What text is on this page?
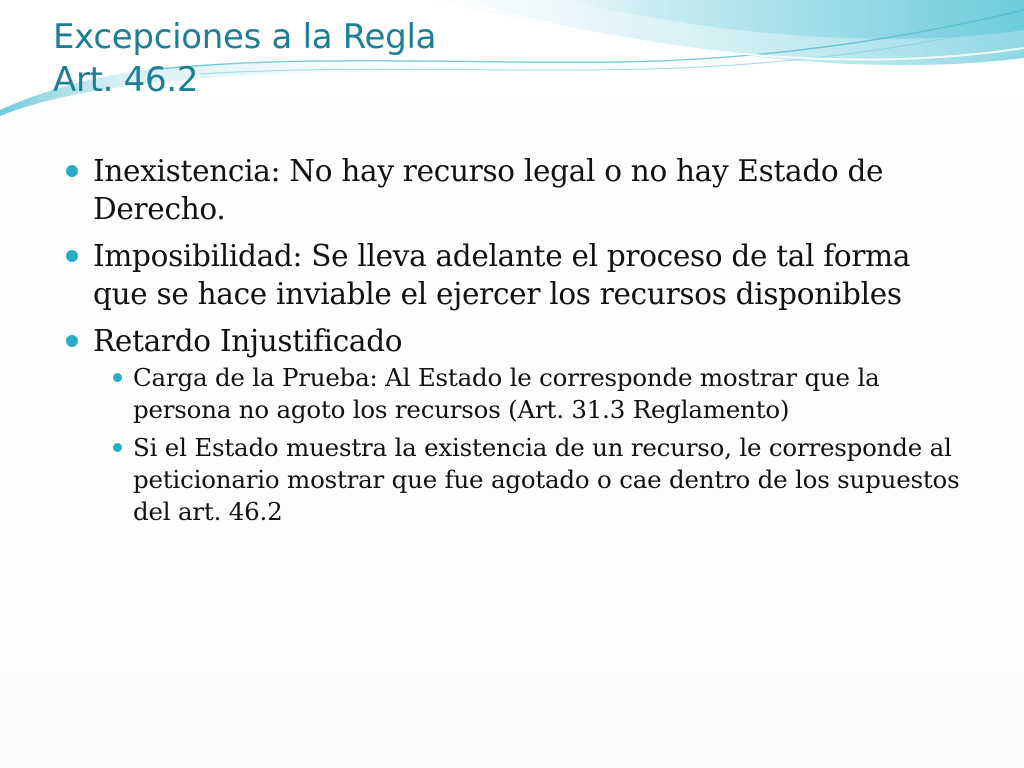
Excepciones a la Regla
Art. 46.2
Inexistencia: No hay recurso legal o no hay Estado de Derecho.
Imposibilidad: Se lleva adelante el proceso de tal forma que se hace inviable el ejercer los recursos disponibles
Retardo Injustificado
Carga de la Prueba: Al Estado le corresponde mostrar que la persona no agoto los recursos (Art. 31.3 Reglamento)
Si el Estado muestra la existencia de un recurso, le corresponde al peticionario mostrar que fue agotado o cae dentro de los supuestos del art. 46.2
